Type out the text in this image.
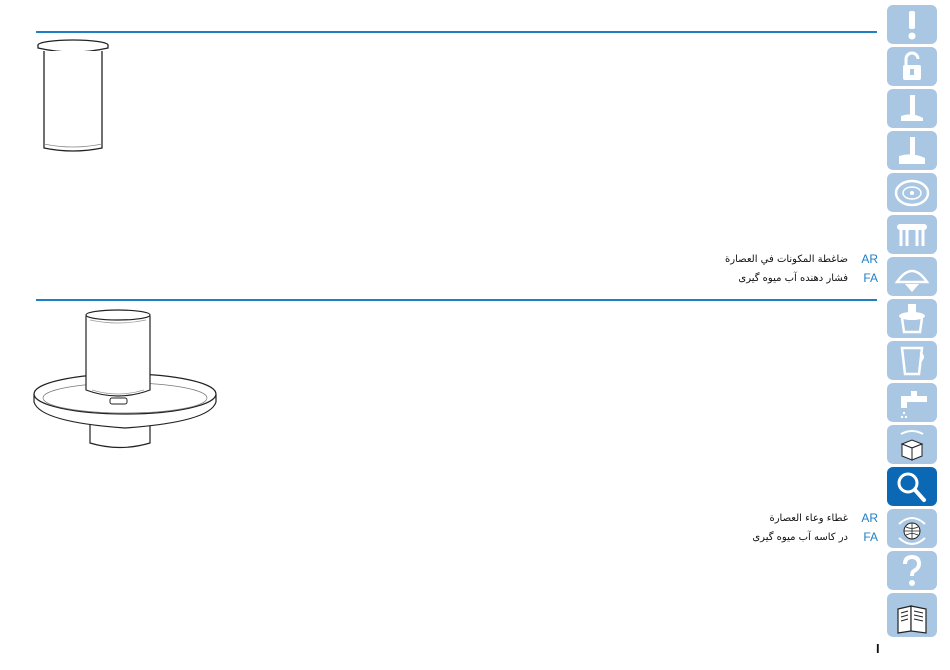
ضاغطة المكونات في العصارة AR
فشار دهنده آب میوه گیری FA
غطاء وعاء العصارة AR
در کاسه آب میوه گیری FA
I
